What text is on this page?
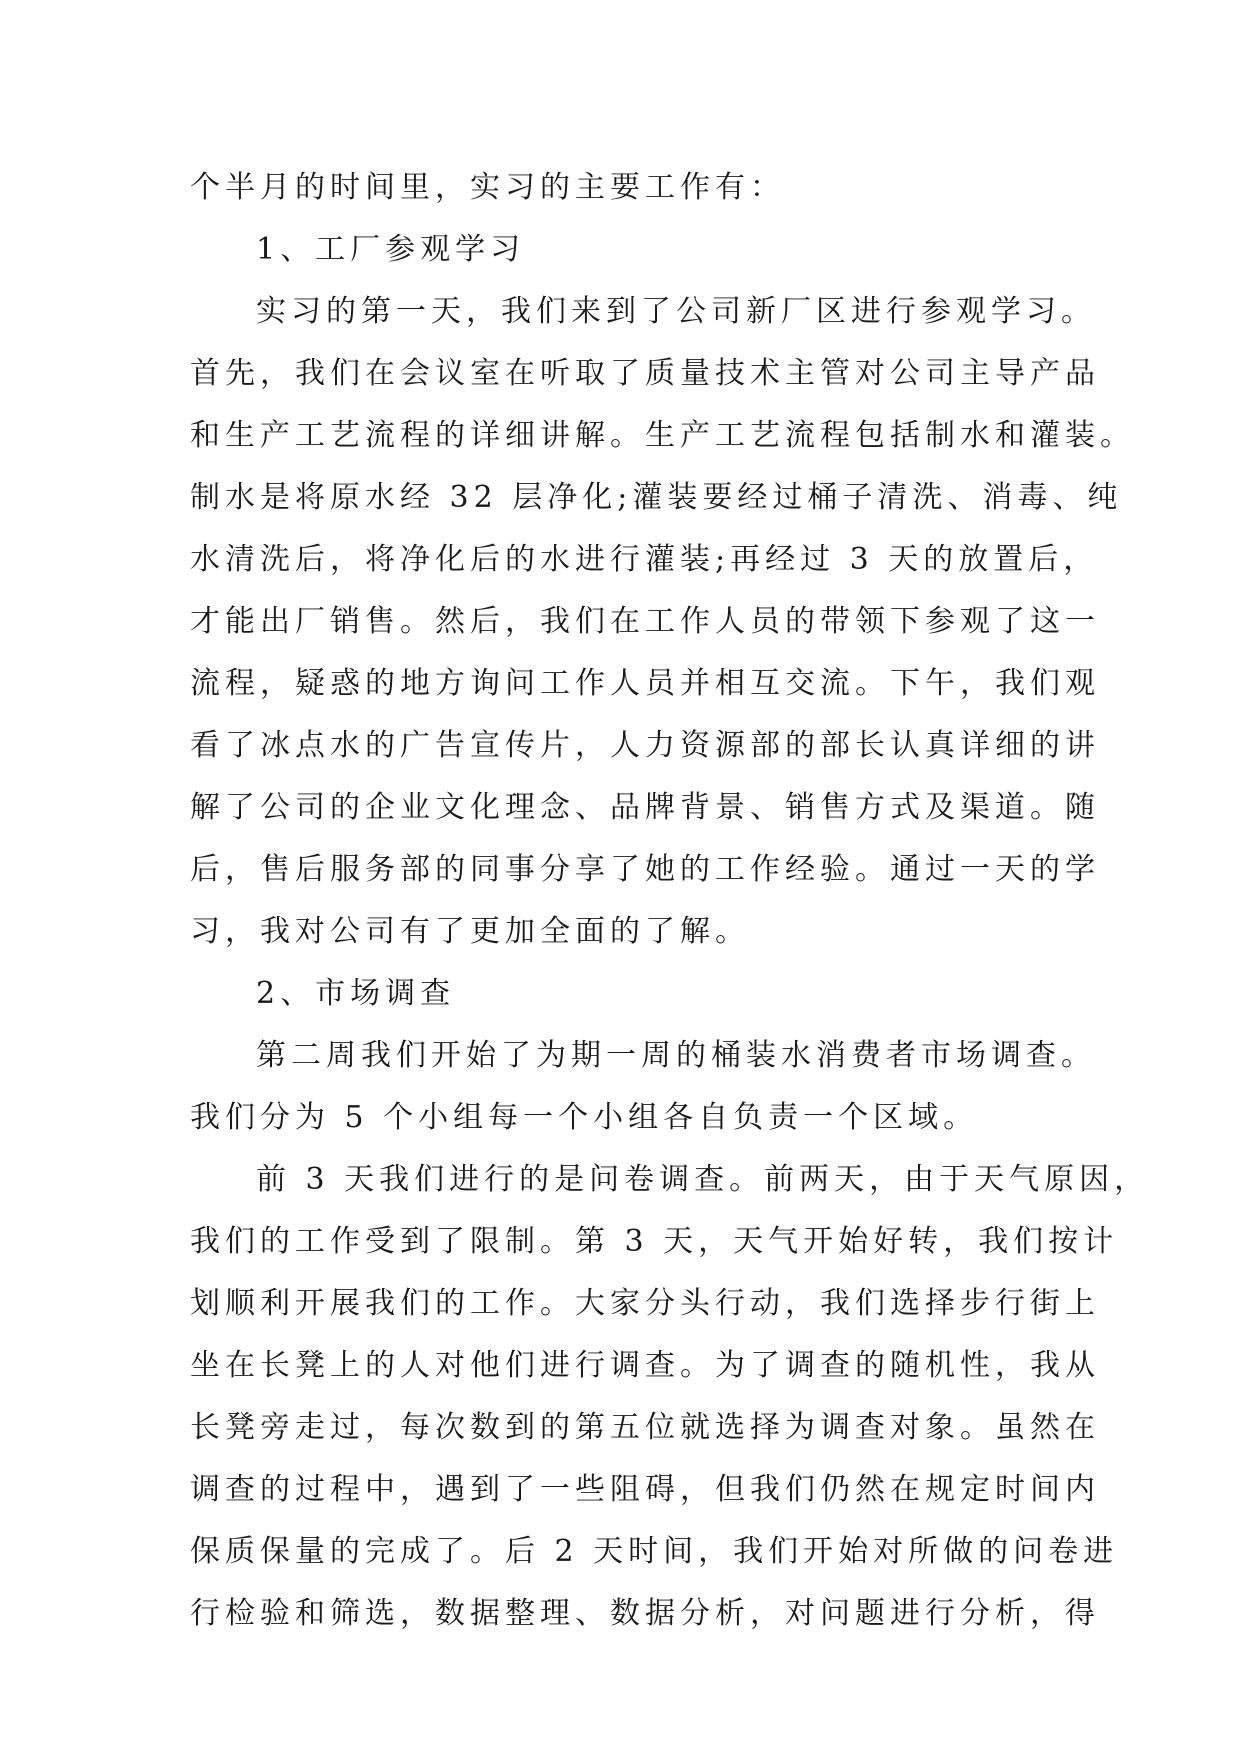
个半月的时间里，实习的主要工作有：
1、工厂参观学习
实习的第一天，我们来到了公司新厂区进行参观学习。
首先，我们在会议室在听取了质量技术主管对公司主导产品
和生产工艺流程的详细讲解。生产工艺流程包括制水和灌装。
制水是将原水经 32 层净化;灌装要经过桶子清洗、消毒、纯
水清洗后，将净化后的水进行灌装;再经过 3 天的放置后，
才能出厂销售。然后，我们在工作人员的带领下参观了这一
流程，疑惑的地方询问工作人员并相互交流。下午，我们观
看了冰点水的广告宣传片，人力资源部的部长认真详细的讲
解了公司的企业文化理念、品牌背景、销售方式及渠道。随
后，售后服务部的同事分享了她的工作经验。通过一天的学
习，我对公司有了更加全面的了解。
2、市场调查
第二周我们开始了为期一周的桶装水消费者市场调查。
我们分为 5 个小组每一个小组各自负责一个区域。
前 3 天我们进行的是问卷调查。前两天，由于天气原因，
我们的工作受到了限制。第 3 天，天气开始好转，我们按计
划顺利开展我们的工作。大家分头行动，我们选择步行街上
坐在长凳上的人对他们进行调查。为了调查的随机性，我从
长凳旁走过，每次数到的第五位就选择为调查对象。虽然在
调查的过程中，遇到了一些阻碍，但我们仍然在规定时间内
保质保量的完成了。后 2 天时间，我们开始对所做的问卷进
行检验和筛选，数据整理、数据分析，对问题进行分析，得
